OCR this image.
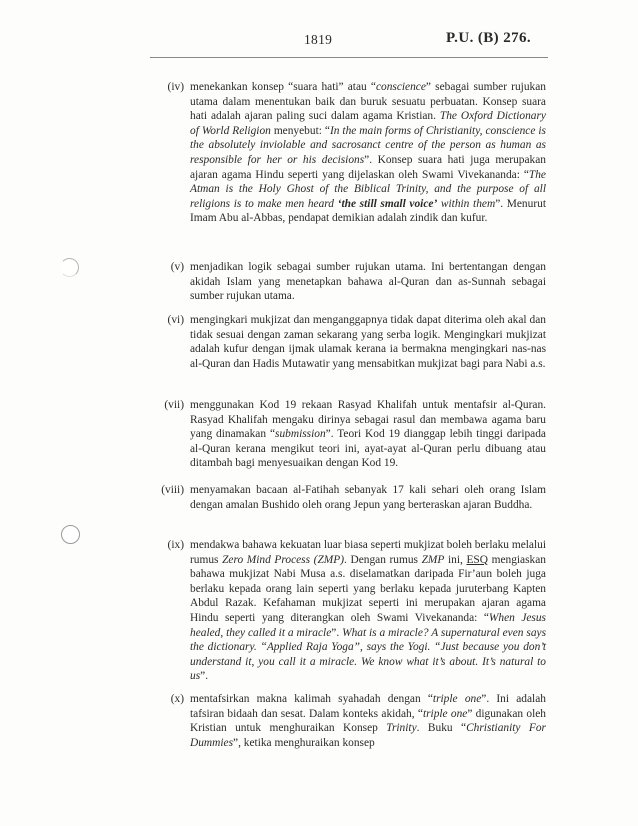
1819	P.U. (B) 276.
(iv) menekankan konsep “suara hati” atau “conscience” sebagai sumber rujukan utama dalam menentukan baik dan buruk sesuatu perbuatan. Konsep suara hati adalah ajaran paling suci dalam agama Kristian. The Oxford Dictionary of World Religion menyebut: “In the main forms of Christianity, conscience is the absolutely inviolable and sacrosanct centre of the person as human as responsible for her or his decisions”. Konsep suara hati juga merupakan ajaran agama Hindu seperti yang dijelaskan oleh Swami Vivekananda: “The Atman is the Holy Ghost of the Biblical Trinity, and the purpose of all religions is to make men heard ‘the still small voice’ within them”. Menurut Imam Abu al-Abbas, pendapat demikian adalah zindik dan kufur.
(v) menjadikan logik sebagai sumber rujukan utama. Ini bertentangan dengan akidah Islam yang menetapkan bahawa al-Quran dan as-Sunnah sebagai sumber rujukan utama.
(vi) mengingkari mukjizat dan menganggapnya tidak dapat diterima oleh akal dan tidak sesuai dengan zaman sekarang yang serba logik. Mengingkari mukjizat adalah kufur dengan ijmak ulamak kerana ia bermakna mengingkari nas-nas al-Quran dan Hadis Mutawatir yang mensabitkan mukjizat bagi para Nabi a.s.
(vii) menggunakan Kod 19 rekaan Rasyad Khalifah untuk mentafsir al-Quran. Rasyad Khalifah mengaku dirinya sebagai rasul dan membawa agama baru yang dinamakan “submission”. Teori Kod 19 dianggap lebih tinggi daripada al-Quran kerana mengikut teori ini, ayat-ayat al-Quran perlu dibuang atau ditambah bagi menyesuaikan dengan Kod 19.
(viii) menyamakan bacaan al-Fatihah sebanyak 17 kali sehari oleh orang Islam dengan amalan Bushido oleh orang Jepun yang berteraskan ajaran Buddha.
(ix) mendakwa bahawa kekuatan luar biasa seperti mukjizat boleh berlaku melalui rumus Zero Mind Process (ZMP). Dengan rumus ZMP ini, ESQ mengiaskan bahawa mukjizat Nabi Musa a.s. diselamatkan daripada Fir’aun boleh juga berlaku kepada orang lain seperti yang berlaku kepada juruterbang Kapten Abdul Razak. Kefahaman mukjizat seperti ini merupakan ajaran agama Hindu seperti yang diterangkan oleh Swami Vivekananda: “When Jesus healed, they called it a miracle”. What is a miracle? A supernatural even says the dictionary. “Applied Raja Yoga”, says the Yogi. “Just because you don’t understand it, you call it a miracle. We know what it’s about. It’s natural to us”.
(x) mentafsirkan makna kalimah syahadah dengan “triple one”. Ini adalah tafsiran bidaah dan sesat. Dalam konteks akidah, “triple one” digunakan oleh Kristian untuk menghuraikan Konsep Trinity. Buku “Christianity For Dummies”, ketika menghuraikan konsep
